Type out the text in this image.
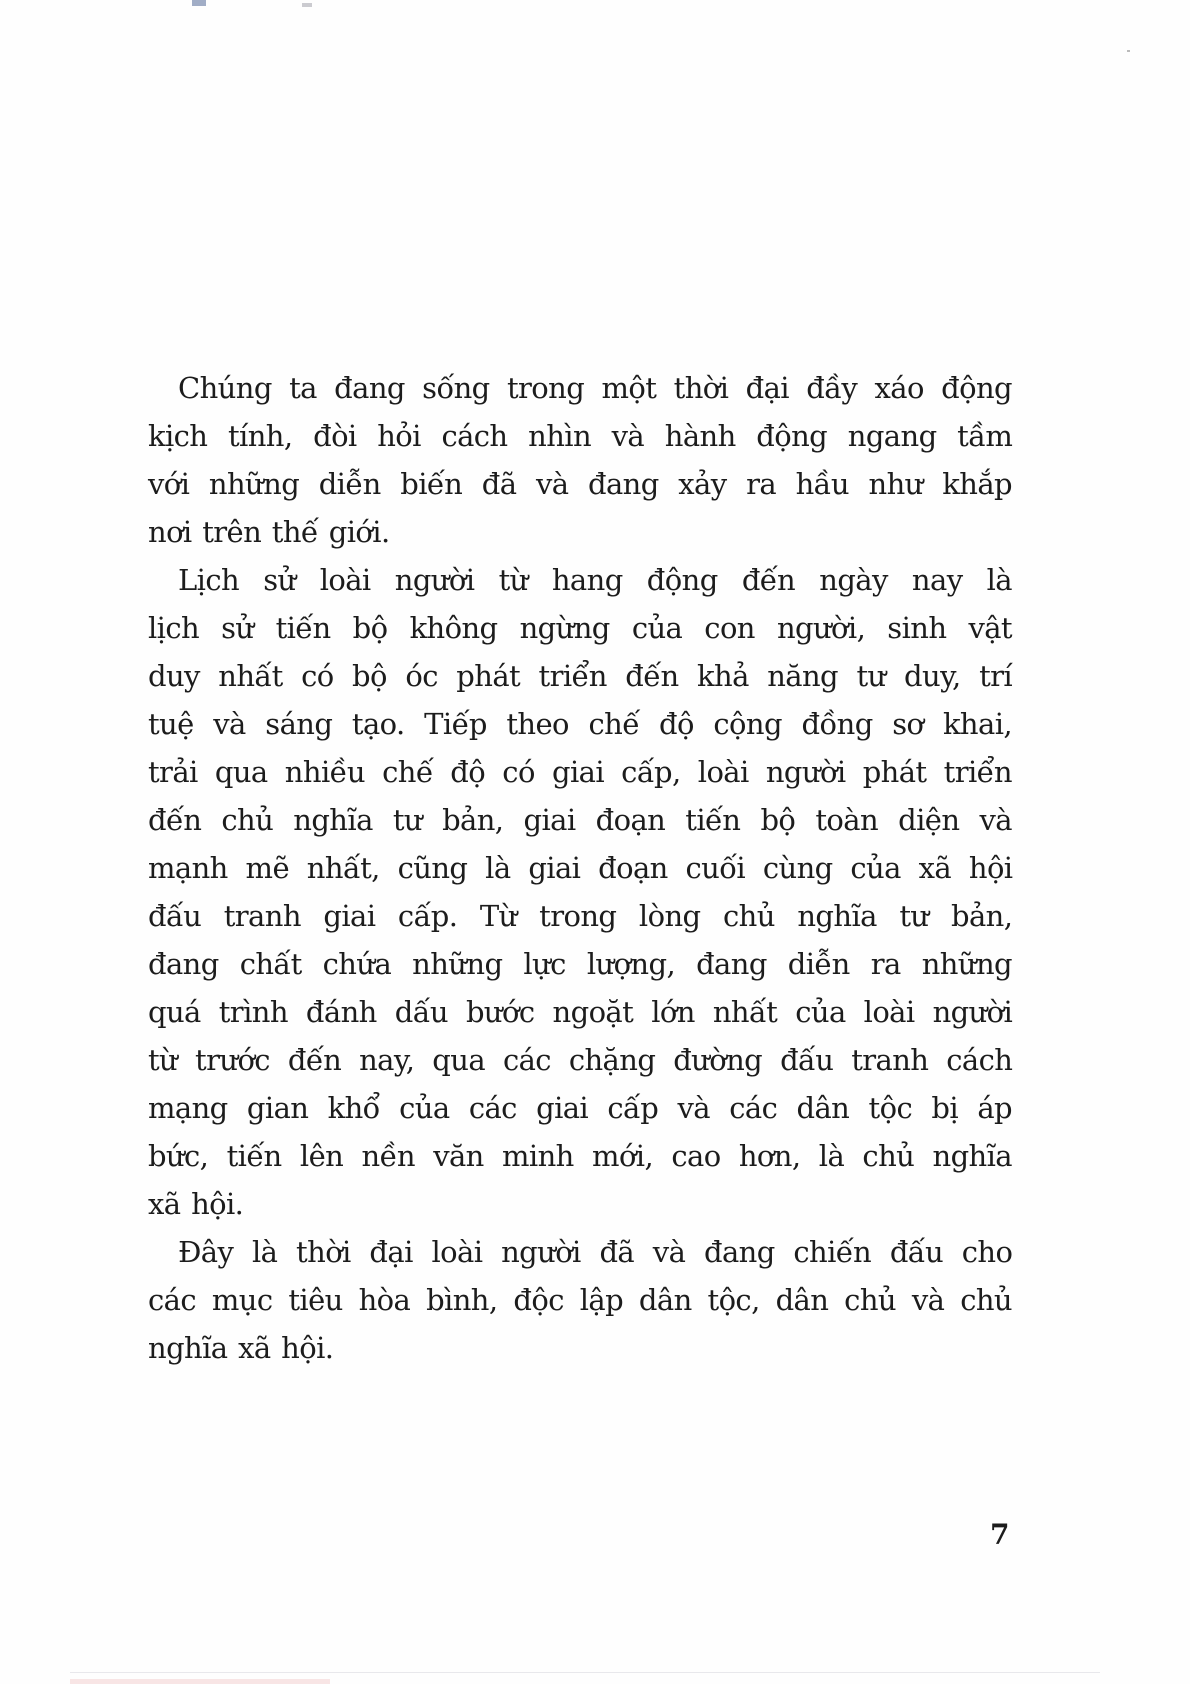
Chúng ta đang sống trong một thời đại đầy xáo động
kịch tính, đòi hỏi cách nhìn và hành động ngang tầm
với những diễn biến đã và đang xảy ra hầu như khắp
nơi trên thế giới.
Lịch sử loài người từ hang động đến ngày nay là
lịch sử tiến bộ không ngừng của con người, sinh vật
duy nhất có bộ óc phát triển đến khả năng tư duy, trí
tuệ và sáng tạo. Tiếp theo chế độ cộng đồng sơ khai,
trải qua nhiều chế độ có giai cấp, loài người phát triển
đến chủ nghĩa tư bản, giai đoạn tiến bộ toàn diện và
mạnh mẽ nhất, cũng là giai đoạn cuối cùng của xã hội
đấu tranh giai cấp. Từ trong lòng chủ nghĩa tư bản,
đang chất chứa những lực lượng, đang diễn ra những
quá trình đánh dấu bước ngoặt lớn nhất của loài người
từ trước đến nay, qua các chặng đường đấu tranh cách
mạng gian khổ của các giai cấp và các dân tộc bị áp
bức, tiến lên nền văn minh mới, cao hơn, là chủ nghĩa
xã hội.
Đây là thời đại loài người đã và đang chiến đấu cho
các mục tiêu hòa bình, độc lập dân tộc, dân chủ và chủ
nghĩa xã hội.
7
